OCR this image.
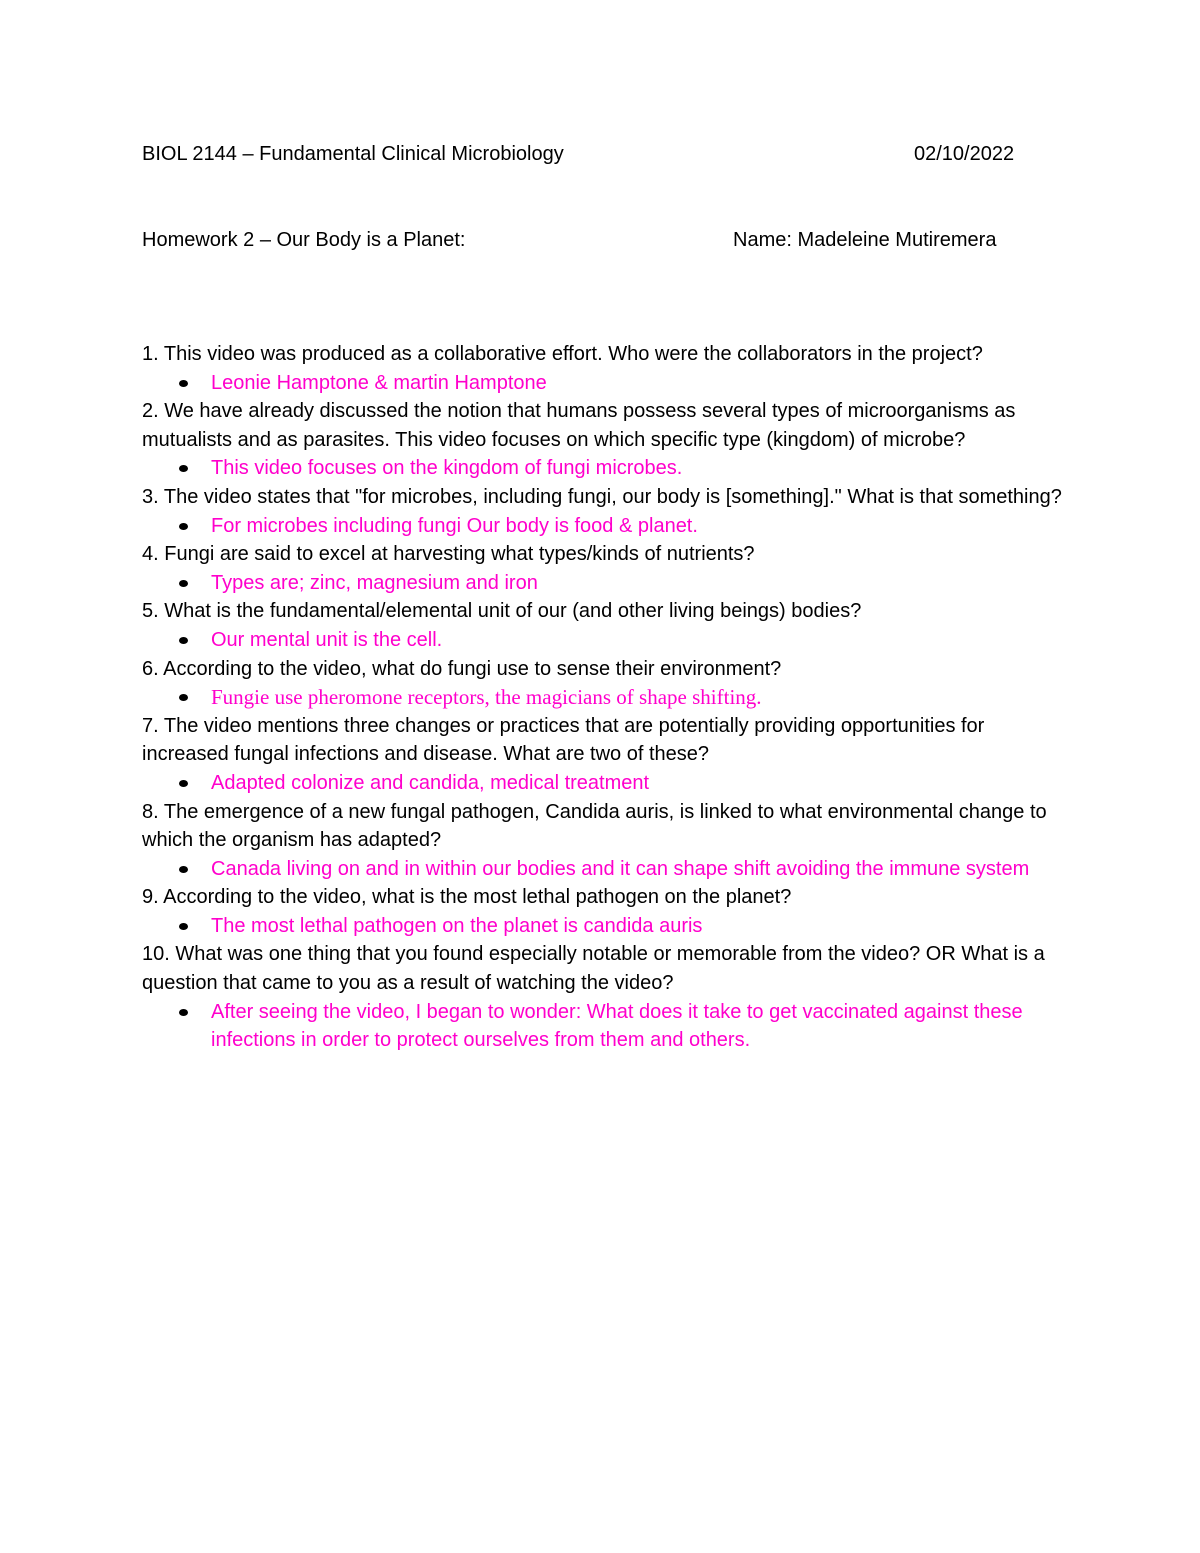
BIOL 2144 – Fundamental Clinical Microbiology	02/10/2022
Homework 2 – Our Body is a Planet:	Name: Madeleine Mutiremera

1. This video was produced as a collaborative effort. Who were the collaborators in the project?

Leonie Hamptone & martin Hamptone

2. We have already discussed the notion that humans possess several types of microorganisms as mutualists and as parasites. This video focuses on which specific type (kingdom) of microbe?

This video focuses on the kingdom of fungi microbes.

3. The video states that "for microbes, including fungi, our body is [something]." What is that something?

For microbes including fungi Our body is food & planet.

4. Fungi are said to excel at harvesting what types/kinds of nutrients?

Types are; zinc, magnesium and iron

5. What is the fundamental/elemental unit of our (and other living beings) bodies?

Our mental unit is the cell.

6. According to the video, what do fungi use to sense their environment?

Fungie use pheromone receptors, the magicians of shape shifting.

7. The video mentions three changes or practices that are potentially providing opportunities for increased fungal infections and disease. What are two of these?

Adapted colonize and candida, medical treatment

8. The emergence of a new fungal pathogen, Candida auris, is linked to what environmental change to which the organism has adapted?

Canada living on and in within our bodies and it can shape shift avoiding the immune system

9. According to the video, what is the most lethal pathogen on the planet?

The most lethal pathogen on the planet is candida auris

10. What was one thing that you found especially notable or memorable from the video? OR What is a question that came to you as a result of watching the video?

After seeing the video, I began to wonder: What does it take to get vaccinated against these infections in order to protect ourselves from them and others.
